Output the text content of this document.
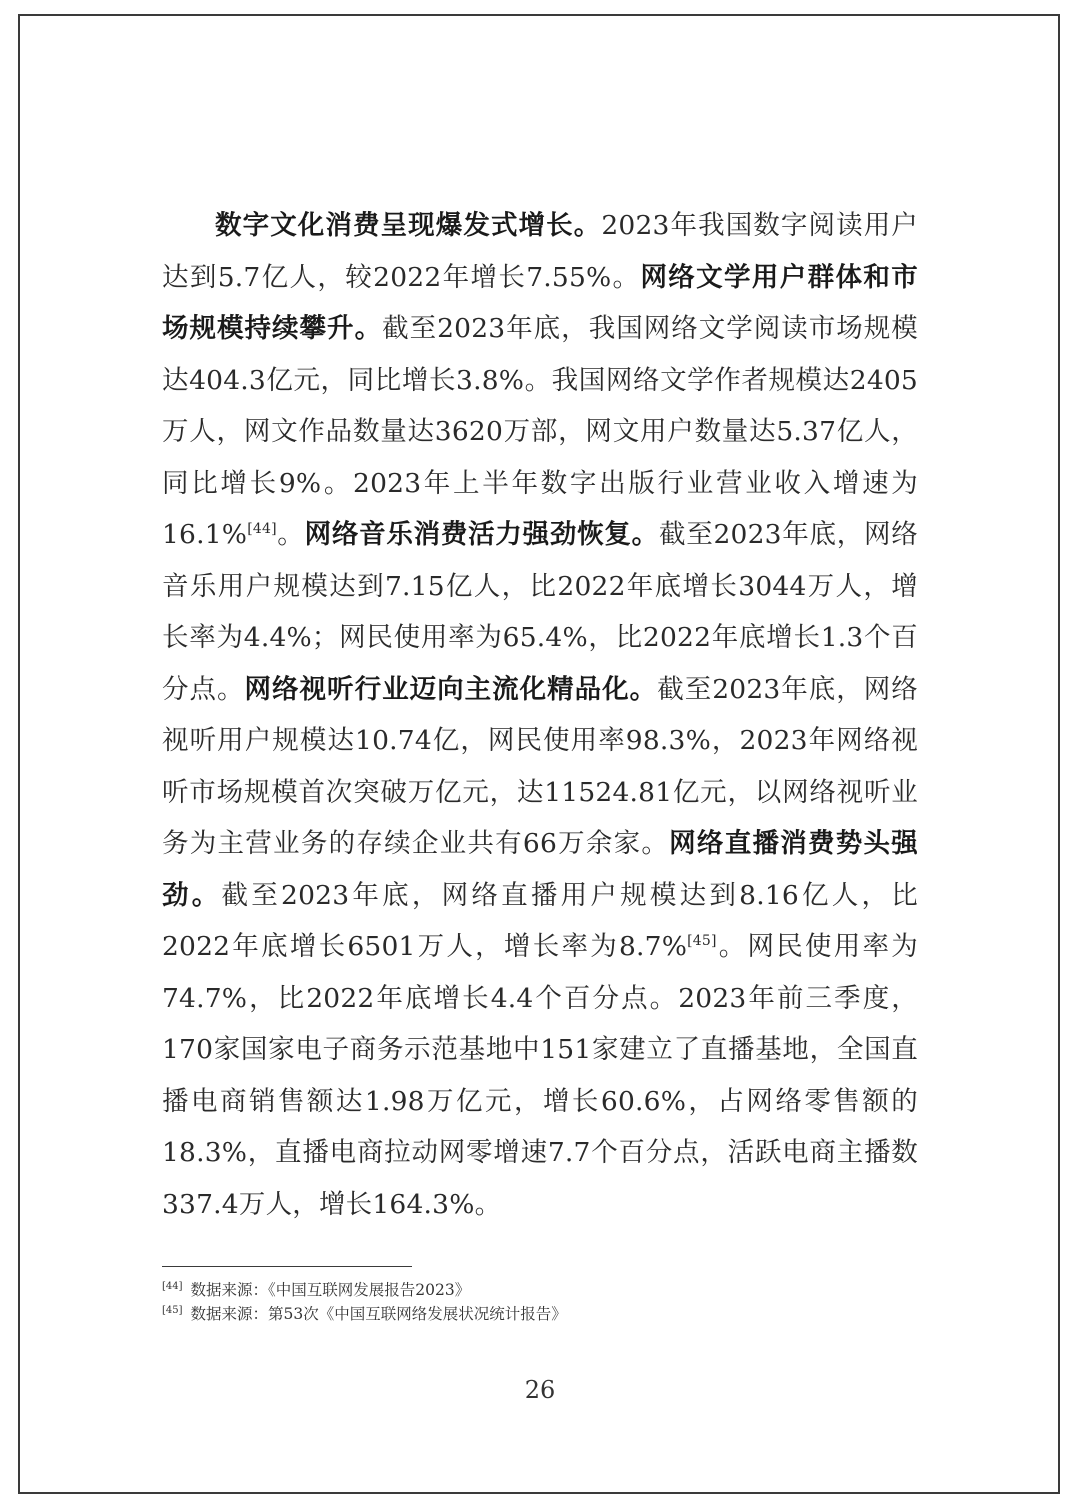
数字文化消费呈现爆发式增长。2023年我国数字阅读用户达到5.7亿人，较2022年增长7.55%。网络文学用户群体和市场规模持续攀升。截至2023年底，我国网络文学阅读市场规模达404.3亿元，同比增长3.8%。我国网络文学作者规模达2405万人，网文作品数量达3620万部，网文用户数量达5.37亿人，同比增长9%。2023年上半年数字出版行业营业收入增速为16.1%[44]。网络音乐消费活力强劲恢复。截至2023年底，网络音乐用户规模达到7.15亿人，比2022年底增长3044万人，增长率为4.4%；网民使用率为65.4%，比2022年底增长1.3个百分点。网络视听行业迈向主流化精品化。截至2023年底，网络视听用户规模达10.74亿，网民使用率98.3%，2023年网络视听市场规模首次突破万亿元，达11524.81亿元，以网络视听业务为主营业务的存续企业共有66万余家。网络直播消费势头强劲。截至2023年底，网络直播用户规模达到8.16亿人，比2022年底增长6501万人，增长率为8.7%[45]。网民使用率为74.7%，比2022年底增长4.4个百分点。2023年前三季度，170家国家电子商务示范基地中151家建立了直播基地，全国直播电商销售额达1.98万亿元，增长60.6%，占网络零售额的18.3%，直播电商拉动网零增速7.7个百分点，活跃电商主播数337.4万人，增长164.3%。
[44] 数据来源：《中国互联网发展报告2023》
[45] 数据来源：第53次《中国互联网络发展状况统计报告》
26
